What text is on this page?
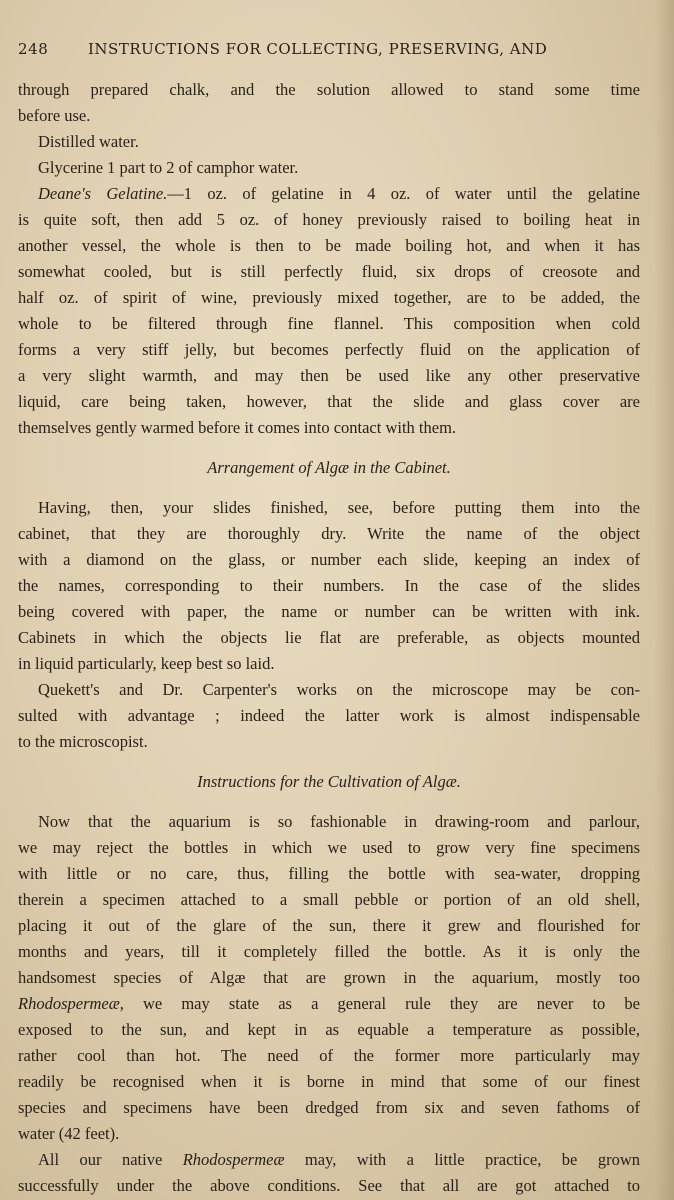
248	INSTRUCTIONS FOR COLLECTING, PRESERVING, AND
through prepared chalk, and the solution allowed to stand some time
before use.
Distilled water.
Glycerine 1 part to 2 of camphor water.
Deane's Gelatine.—1 oz. of gelatine in 4 oz. of water until the gelatine
is quite soft, then add 5 oz. of honey previously raised to boiling heat in
another vessel, the whole is then to be made boiling hot, and when it has
somewhat cooled, but is still perfectly fluid, six drops of creosote and
half oz. of spirit of wine, previously mixed together, are to be added, the
whole to be filtered through fine flannel. This composition when cold
forms a very stiff jelly, but becomes perfectly fluid on the application of
a very slight warmth, and may then be used like any other preservative
liquid, care being taken, however, that the slide and glass cover are
themselves gently warmed before it comes into contact with them.
Arrangement of Algæ in the Cabinet.
Having, then, your slides finished, see, before putting them into the
cabinet, that they are thoroughly dry. Write the name of the object
with a diamond on the glass, or number each slide, keeping an index of
the names, corresponding to their numbers. In the case of the slides
being covered with paper, the name or number can be written with ink.
Cabinets in which the objects lie flat are preferable, as objects mounted
in liquid particularly, keep best so laid.
Quekett's and Dr. Carpenter's works on the microscope may be con-
sulted with advantage ; indeed the latter work is almost indispensable
to the microscopist.
Instructions for the Cultivation of Algæ.
Now that the aquarium is so fashionable in drawing-room and parlour,
we may reject the bottles in which we used to grow very fine specimens
with little or no care, thus, filling the bottle with sea-water, dropping
therein a specimen attached to a small pebble or portion of an old shell,
placing it out of the glare of the sun, there it grew and flourished for
months and years, till it completely filled the bottle. As it is only the
handsomest species of Algæ that are grown in the aquarium, mostly too
Rhodospermeæ, we may state as a general rule they are never to be
exposed to the sun, and kept in as equable a temperature as possible,
rather cool than hot. The need of the former more particularly may
readily be recognised when it is borne in mind that some of our finest
species and specimens have been dredged from six and seven fathoms of
water (42 feet).
All our native Rhodospermeæ may, with a little practice, be grown
successfully under the above conditions. See that all are got attached to
